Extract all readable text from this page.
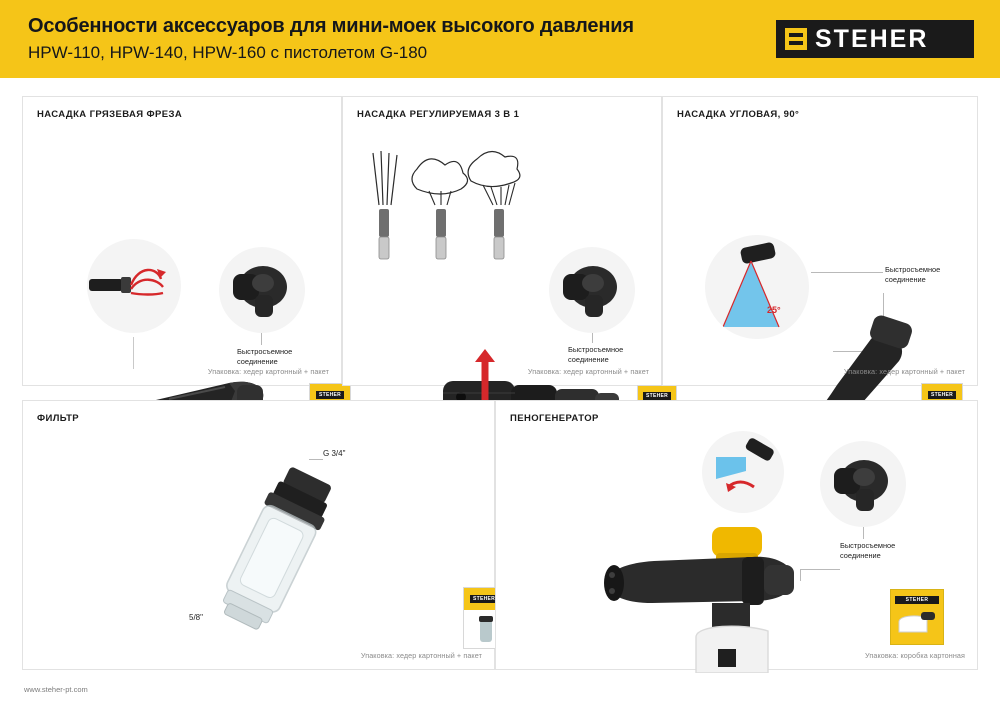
Особенности аксессуаров для мини-моек высокого давления
HPW-110, HPW-140, HPW-160 с пистолетом G-180	STEHER
НАСАДКА ГРЯЗЕВАЯ ФРЕЗА
Быстросъемное
соединение
STEHER
Упаковка: хедер картонный + пакет
НАСАДКА РЕГУЛИРУЕМАЯ 3 В 1
Быстросъемное
соединение
STEHER
Упаковка: хедер картонный + пакет
НАСАДКА УГЛОВАЯ, 90°
25°
Быстросъемное
соединение
STEHER
Упаковка: хедер картонный + пакет
ФИЛЬТР
G 3/4"
5/8"
STEHER
Упаковка: хедер картонный + пакет
ПЕНОГЕНЕРАТОР
Быстросъемное
соединение
STEHER
Упаковка: коробка картонная
www.steher-pt.com
